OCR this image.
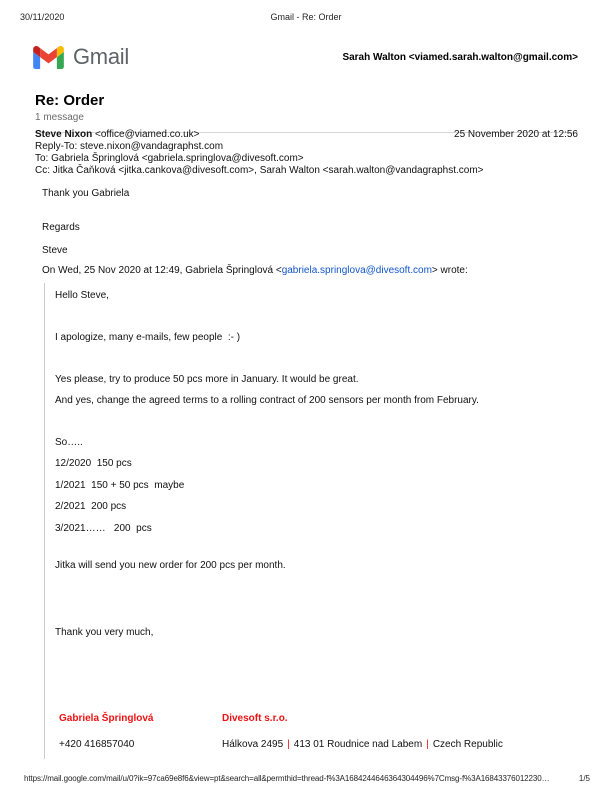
30/11/2020	Gmail - Re: Order
Gmail	Sarah Walton <viamed.sarah.walton@gmail.com>
Re: Order
1 message
Steve Nixon <office@viamed.co.uk>	25 November 2020 at 12:56
Reply-To: steve.nixon@vandagraphst.com
To: Gabriela Špringlová <gabriela.springlova@divesoft.com>
Cc: Jitka Čaňková <jitka.cankova@divesoft.com>, Sarah Walton <sarah.walton@vandagraphst.com>

Thank you Gabriela

Regards

Steve

On Wed, 25 Nov 2020 at 12:49, Gabriela Špringlová <gabriela.springlova@divesoft.com> wrote:

Hello Steve,

I apologize, many e-mails, few people  :- )

Yes please, try to produce 50 pcs more in January. It would be great.

And yes, change the agreed terms to a rolling contract of 200 sensors per month from February.

So…..

12/2020  150 pcs

1/2021  150 + 50 pcs  maybe

2/2021  200 pcs

3/2021……   200  pcs

Jitka will send you new order for 200 pcs per month.

Thank you very much,

Gabriela Špringlová	Divesoft s.r.o.
+420 416857040	Hálkova 2495 | 413 01 Roudnice nad Labem | Czech Republic
https://mail.google.com/mail/u/0?ik=97ca69e8f6&view=pt&search=all&permthid=thread-f%3A1684244646364304496%7Cmsg-f%3A16843376012230…	1/5
